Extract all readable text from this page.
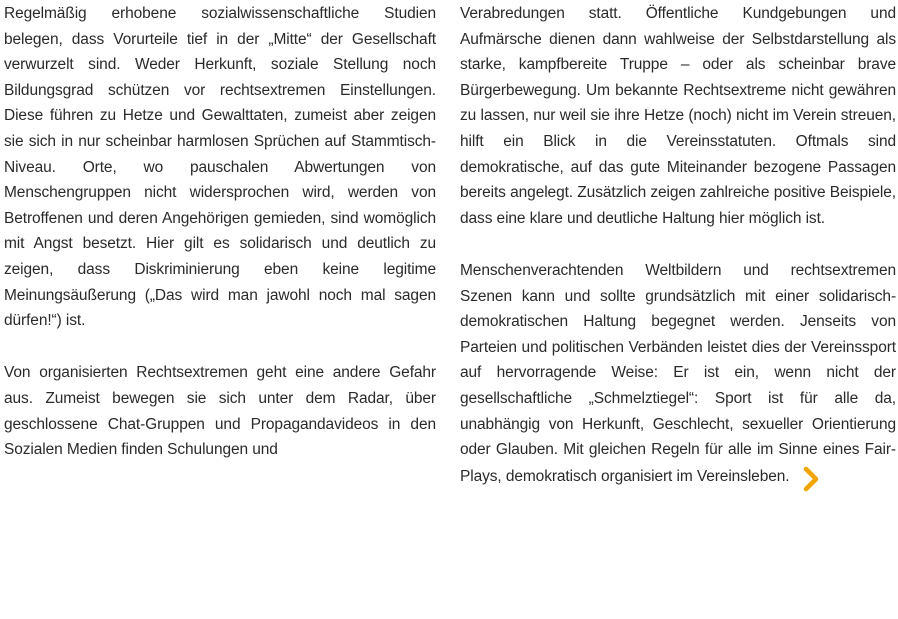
Regelmäßig erhobene sozialwissenschaftliche Studien belegen, dass Vorurteile tief in der „Mitte“ der Gesellschaft verwurzelt sind. Weder Herkunft, soziale Stellung noch Bildungsgrad schützen vor rechtsextremen Einstellungen. Diese führen zu Hetze und Gewalttaten, zumeist aber zeigen sie sich in nur scheinbar harmlosen Sprüchen auf Stammtisch-Niveau. Orte, wo pauschalen Abwertungen von Menschengruppen nicht widersprochen wird, werden von Betroffenen und deren Angehörigen gemieden, sind womöglich mit Angst besetzt. Hier gilt es solidarisch und deutlich zu zeigen, dass Diskriminierung eben keine legitime Meinungsäußerung („Das wird man jawohl noch mal sagen dürfen!“) ist.

Von organisierten Rechtsextremen geht eine andere Gefahr aus. Zumeist bewegen sie sich unter dem Radar, über geschlossene Chat-Gruppen und Propagandavideos in den Sozialen Medien finden Schulungen und

Verabredungen statt. Öffentliche Kundgebungen und Aufmärsche dienen dann wahlweise der Selbstdarstellung als starke, kampfbereite Truppe – oder als scheinbar brave Bürgerbewegung. Um bekannte Rechtsextreme nicht gewähren zu lassen, nur weil sie ihre Hetze (noch) nicht im Verein streuen, hilft ein Blick in die Vereinsstatuten. Oftmals sind demokratische, auf das gute Miteinander bezogene Passagen bereits angelegt. Zusätzlich zeigen zahlreiche positive Beispiele, dass eine klare und deutliche Haltung hier möglich ist.

Menschenverachtenden Weltbildern und rechtsextremen Szenen kann und sollte grundsätzlich mit einer solidarisch-demokratischen Haltung begegnet werden. Jenseits von Parteien und politischen Verbänden leistet dies der Vereinssport auf hervorragende Weise: Er ist ein, wenn nicht der gesellschaftliche „Schmelztiegel“: Sport ist für alle da, unabhängig von Herkunft, Geschlecht, sexueller Orientierung oder Glauben. Mit gleichen Regeln für alle im Sinne eines Fair-Plays, demokratisch organisiert im Vereinsleben.
